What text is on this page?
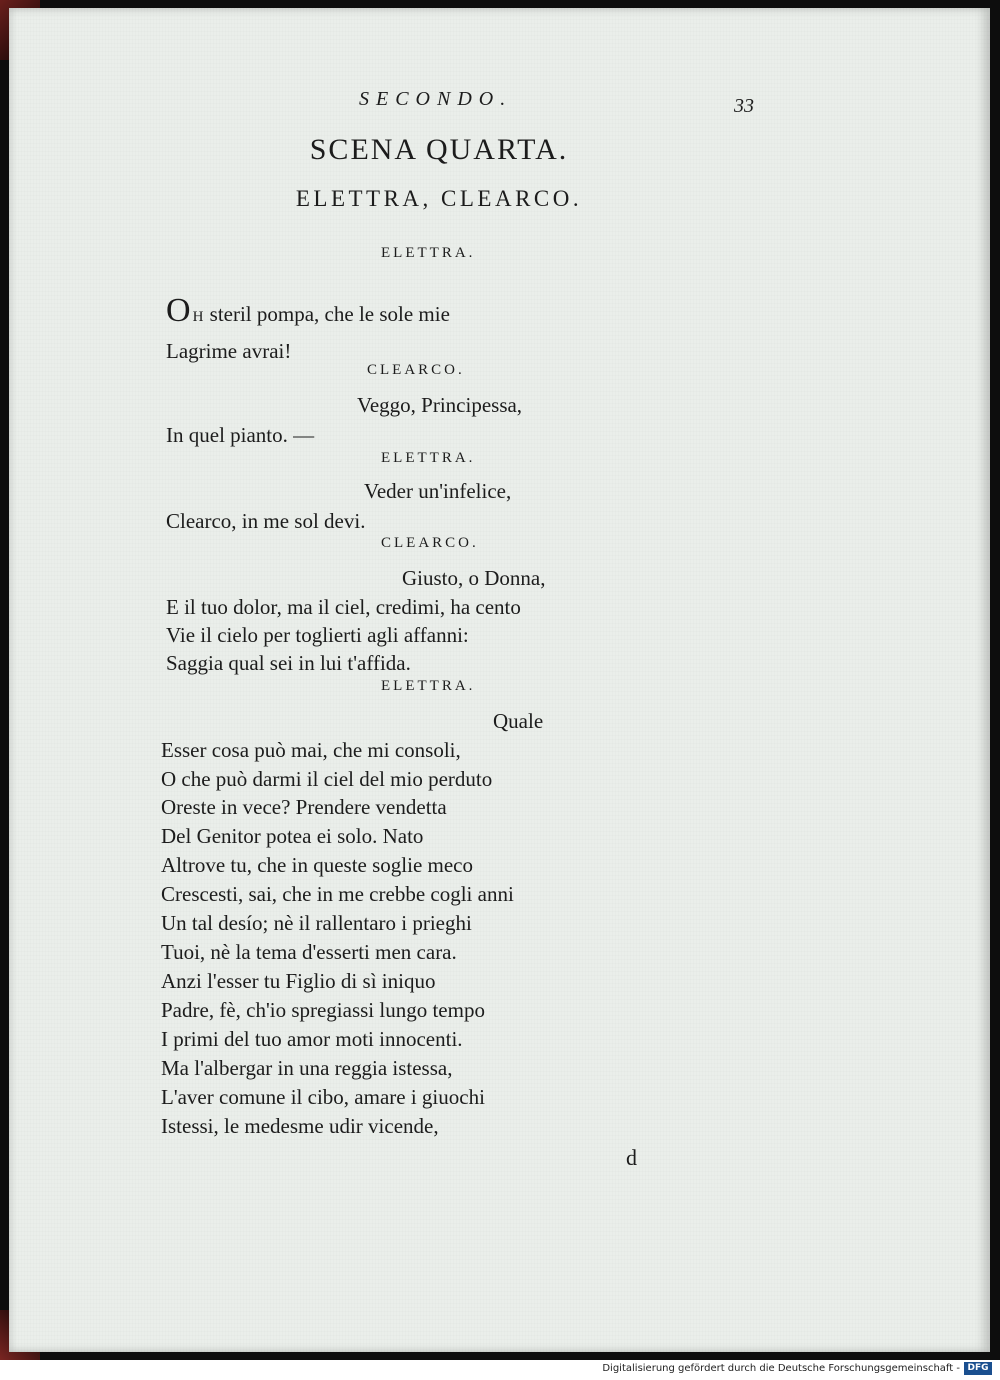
SECONDO.	33
SCENA QUARTA.
ELETTRA, CLEARCO.
ELETTRA.
OH steril pompa, che le sole mie
Lagrime avrai!
CLEARCO.
Veggo, Principessa,
In quel pianto. —
ELETTRA.
Veder un'infelice,
Clearco, in me sol devi.
CLEARCO.
Giusto, o Donna,
E il tuo dolor, ma il ciel, credimi, ha cento
Vie il cielo per toglierti agli affanni:
Saggia qual sei in lui t'affida.
ELETTRA.
Quale
Esser cosa può mai, che mi consoli,
O che può darmi il ciel del mio perduto
Oreste in vece? Prendere vendetta
Del Genitor potea ei solo. Nato
Altrove tu, che in queste soglie meco
Crescesti, sai, che in me crebbe cogli anni
Un tal desío; nè il rallentaro i prieghi
Tuoi, nè la tema d'esserti men cara.
Anzi l'esser tu Figlio di sì iniquo
Padre, fè, ch'io spregiassi lungo tempo
I primi del tuo amor moti innocenti.
Ma l'albergar in una reggia istessa,
L'aver comune il cibo, amare i giuochi
Istessi, le medesme udir vicende,
d
Digitalisierung gefördert durch die Deutsche Forschungsgemeinschaft - DFG
